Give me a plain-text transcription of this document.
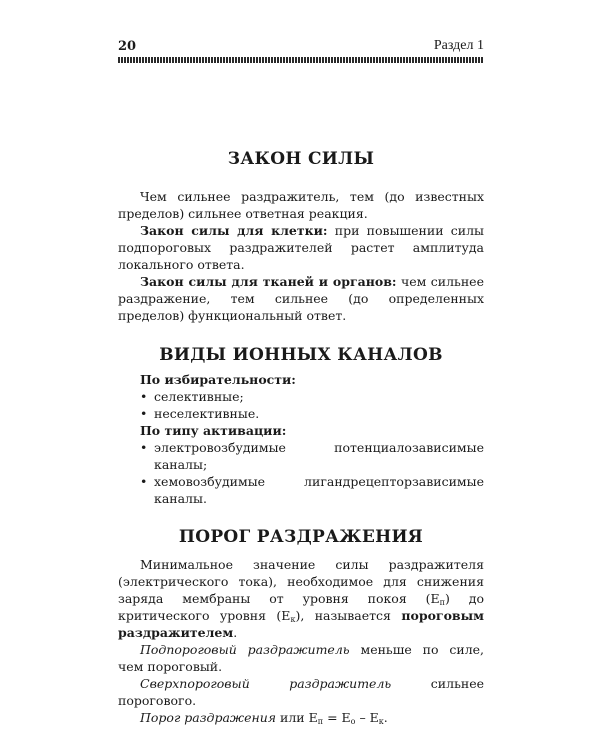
20	Раздел 1
ЗАКОН СИЛЫ

Чем сильнее раздражитель, тем (до известных пределов) сильнее ответная реакция.

Закон силы для клетки: при повышении силы подпороговых раздражителей растет амплитуда локального ответа.

Закон силы для тканей и органов: чем сильнее раздражение, тем сильнее (до определенных пределов) функциональный ответ.

ВИДЫ ИОННЫХ КАНАЛОВ
По избирательности:
• селективные;
• неселективные.
По типу активации:
• электровозбудимые потенциалозависимые каналы;
• хемовозбудимые лигандрецепторзависимые каналы.
ПОРОГ РАЗДРАЖЕНИЯ

Минимальное значение силы раздражителя (электрического тока), необходимое для снижения заряда мембраны от уровня покоя $(Е_п)$ до критического уровня $(Е_к)$, называется пороговым раздражителем.

Подпороговый раздражитель меньше по силе, чем пороговый.

Сверхпороговый раздражитель сильнее порогового.

Порог раздражения или $Е_п = Е_о - Е_к$.
